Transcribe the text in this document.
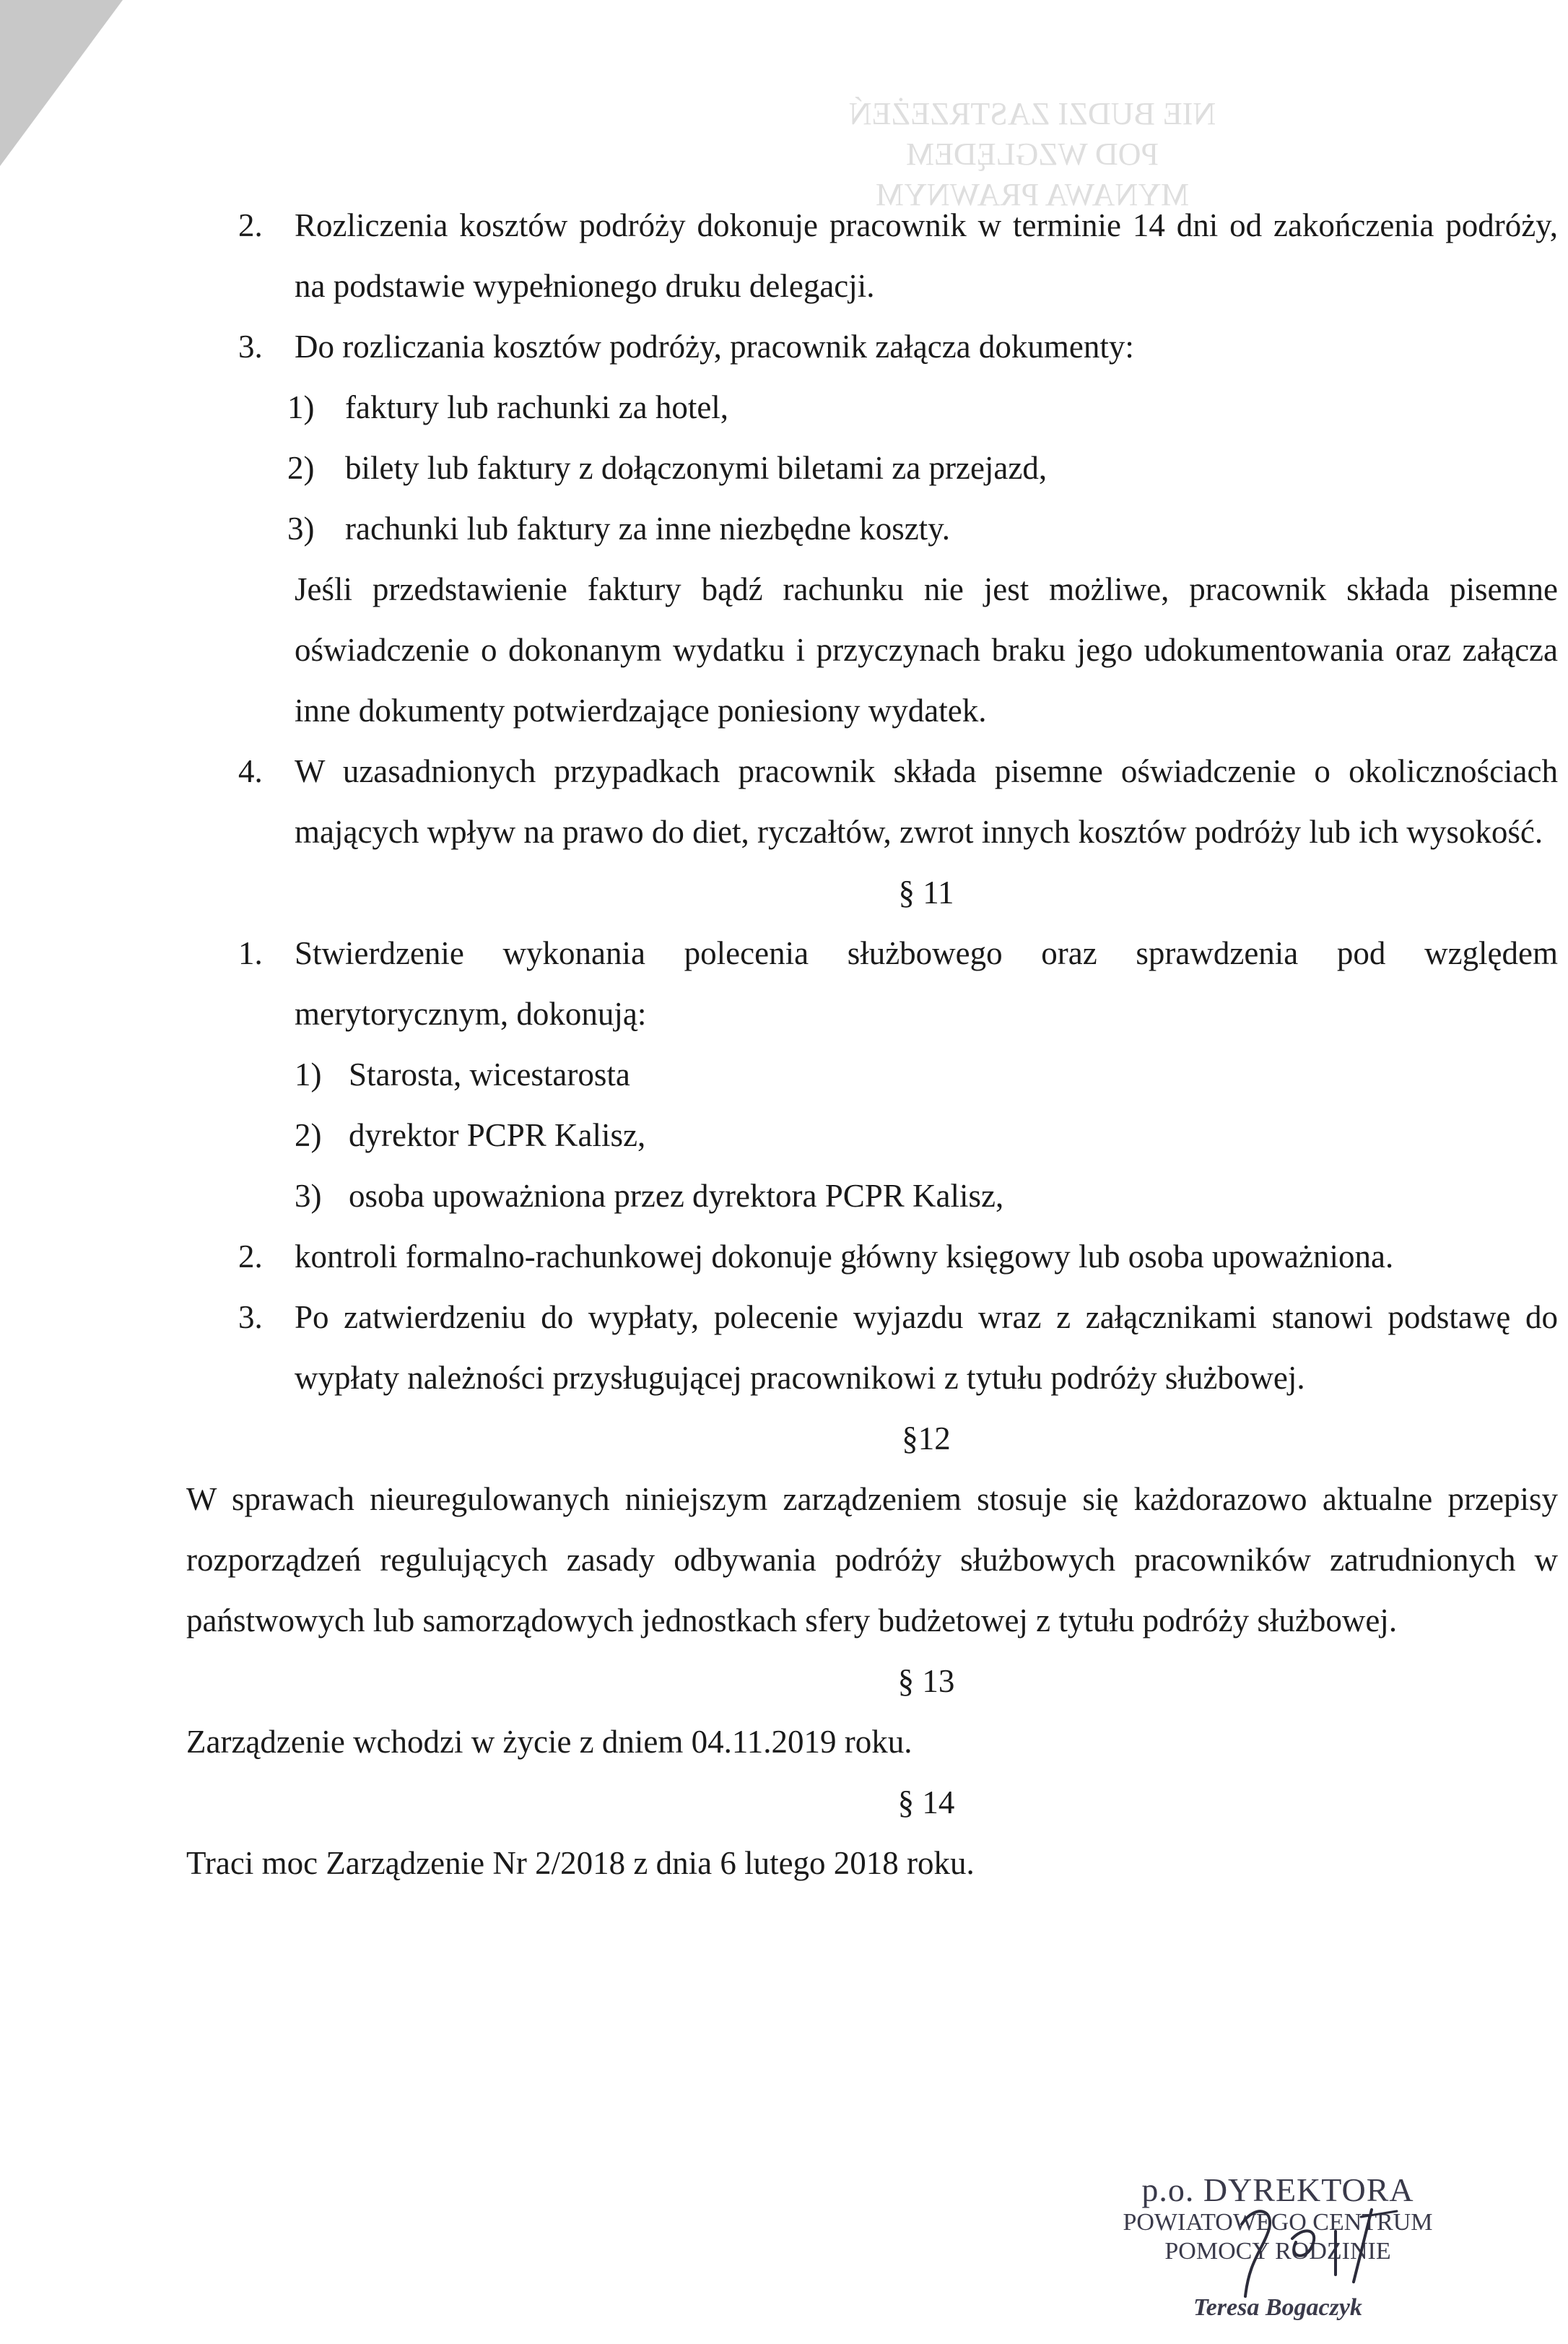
NIE BUDZI ZASTRZEŻEŃ
POD WZGLĘDEM
MYNAWA PRAWNYM

2. Rozliczenia kosztów podróży dokonuje pracownik w terminie 14 dni od zakończenia podróży, na podstawie wypełnionego druku delegacji.

3. Do rozliczania kosztów podróży, pracownik załącza dokumenty:

1) faktury lub rachunki za hotel,

2) bilety lub faktury z dołączonymi biletami za przejazd,

3) rachunki lub faktury za inne niezbędne koszty.

Jeśli przedstawienie faktury bądź rachunku nie jest możliwe, pracownik składa pisemne oświadczenie o dokonanym wydatku i przyczynach braku jego udokumentowania oraz załącza inne dokumenty potwierdzające poniesiony wydatek.

4. W uzasadnionych przypadkach pracownik składa pisemne oświadczenie o okolicznościach mających wpływ na prawo do diet, ryczałtów, zwrot innych kosztów podróży lub ich wysokość.

§ 11

1. Stwierdzenie wykonania polecenia służbowego oraz sprawdzenia pod względem merytorycznym, dokonują:

1) Starosta, wicestarosta

2) dyrektor PCPR Kalisz,

3) osoba upoważniona przez dyrektora PCPR Kalisz,

2. kontroli formalno-rachunkowej dokonuje główny księgowy lub osoba upoważniona.

3. Po zatwierdzeniu do wypłaty, polecenie wyjazdu wraz z załącznikami stanowi podstawę do wypłaty należności przysługującej pracownikowi z tytułu podróży służbowej.

§12

W sprawach nieuregulowanych niniejszym zarządzeniem stosuje się każdorazowo aktualne przepisy rozporządzeń regulujących zasady odbywania podróży służbowych pracowników zatrudnionych w państwowych lub samorządowych jednostkach sfery budżetowej z tytułu podróży służbowej.

§ 13

Zarządzenie wchodzi w życie z dniem 04.11.2019 roku.

§ 14

Traci moc Zarządzenie Nr 2/2018 z dnia 6 lutego 2018 roku.

p.o. DYREKTORA
POWIATOWEGO CENTRUM
POMOCY RODZINIE
Teresa Bogaczyk
